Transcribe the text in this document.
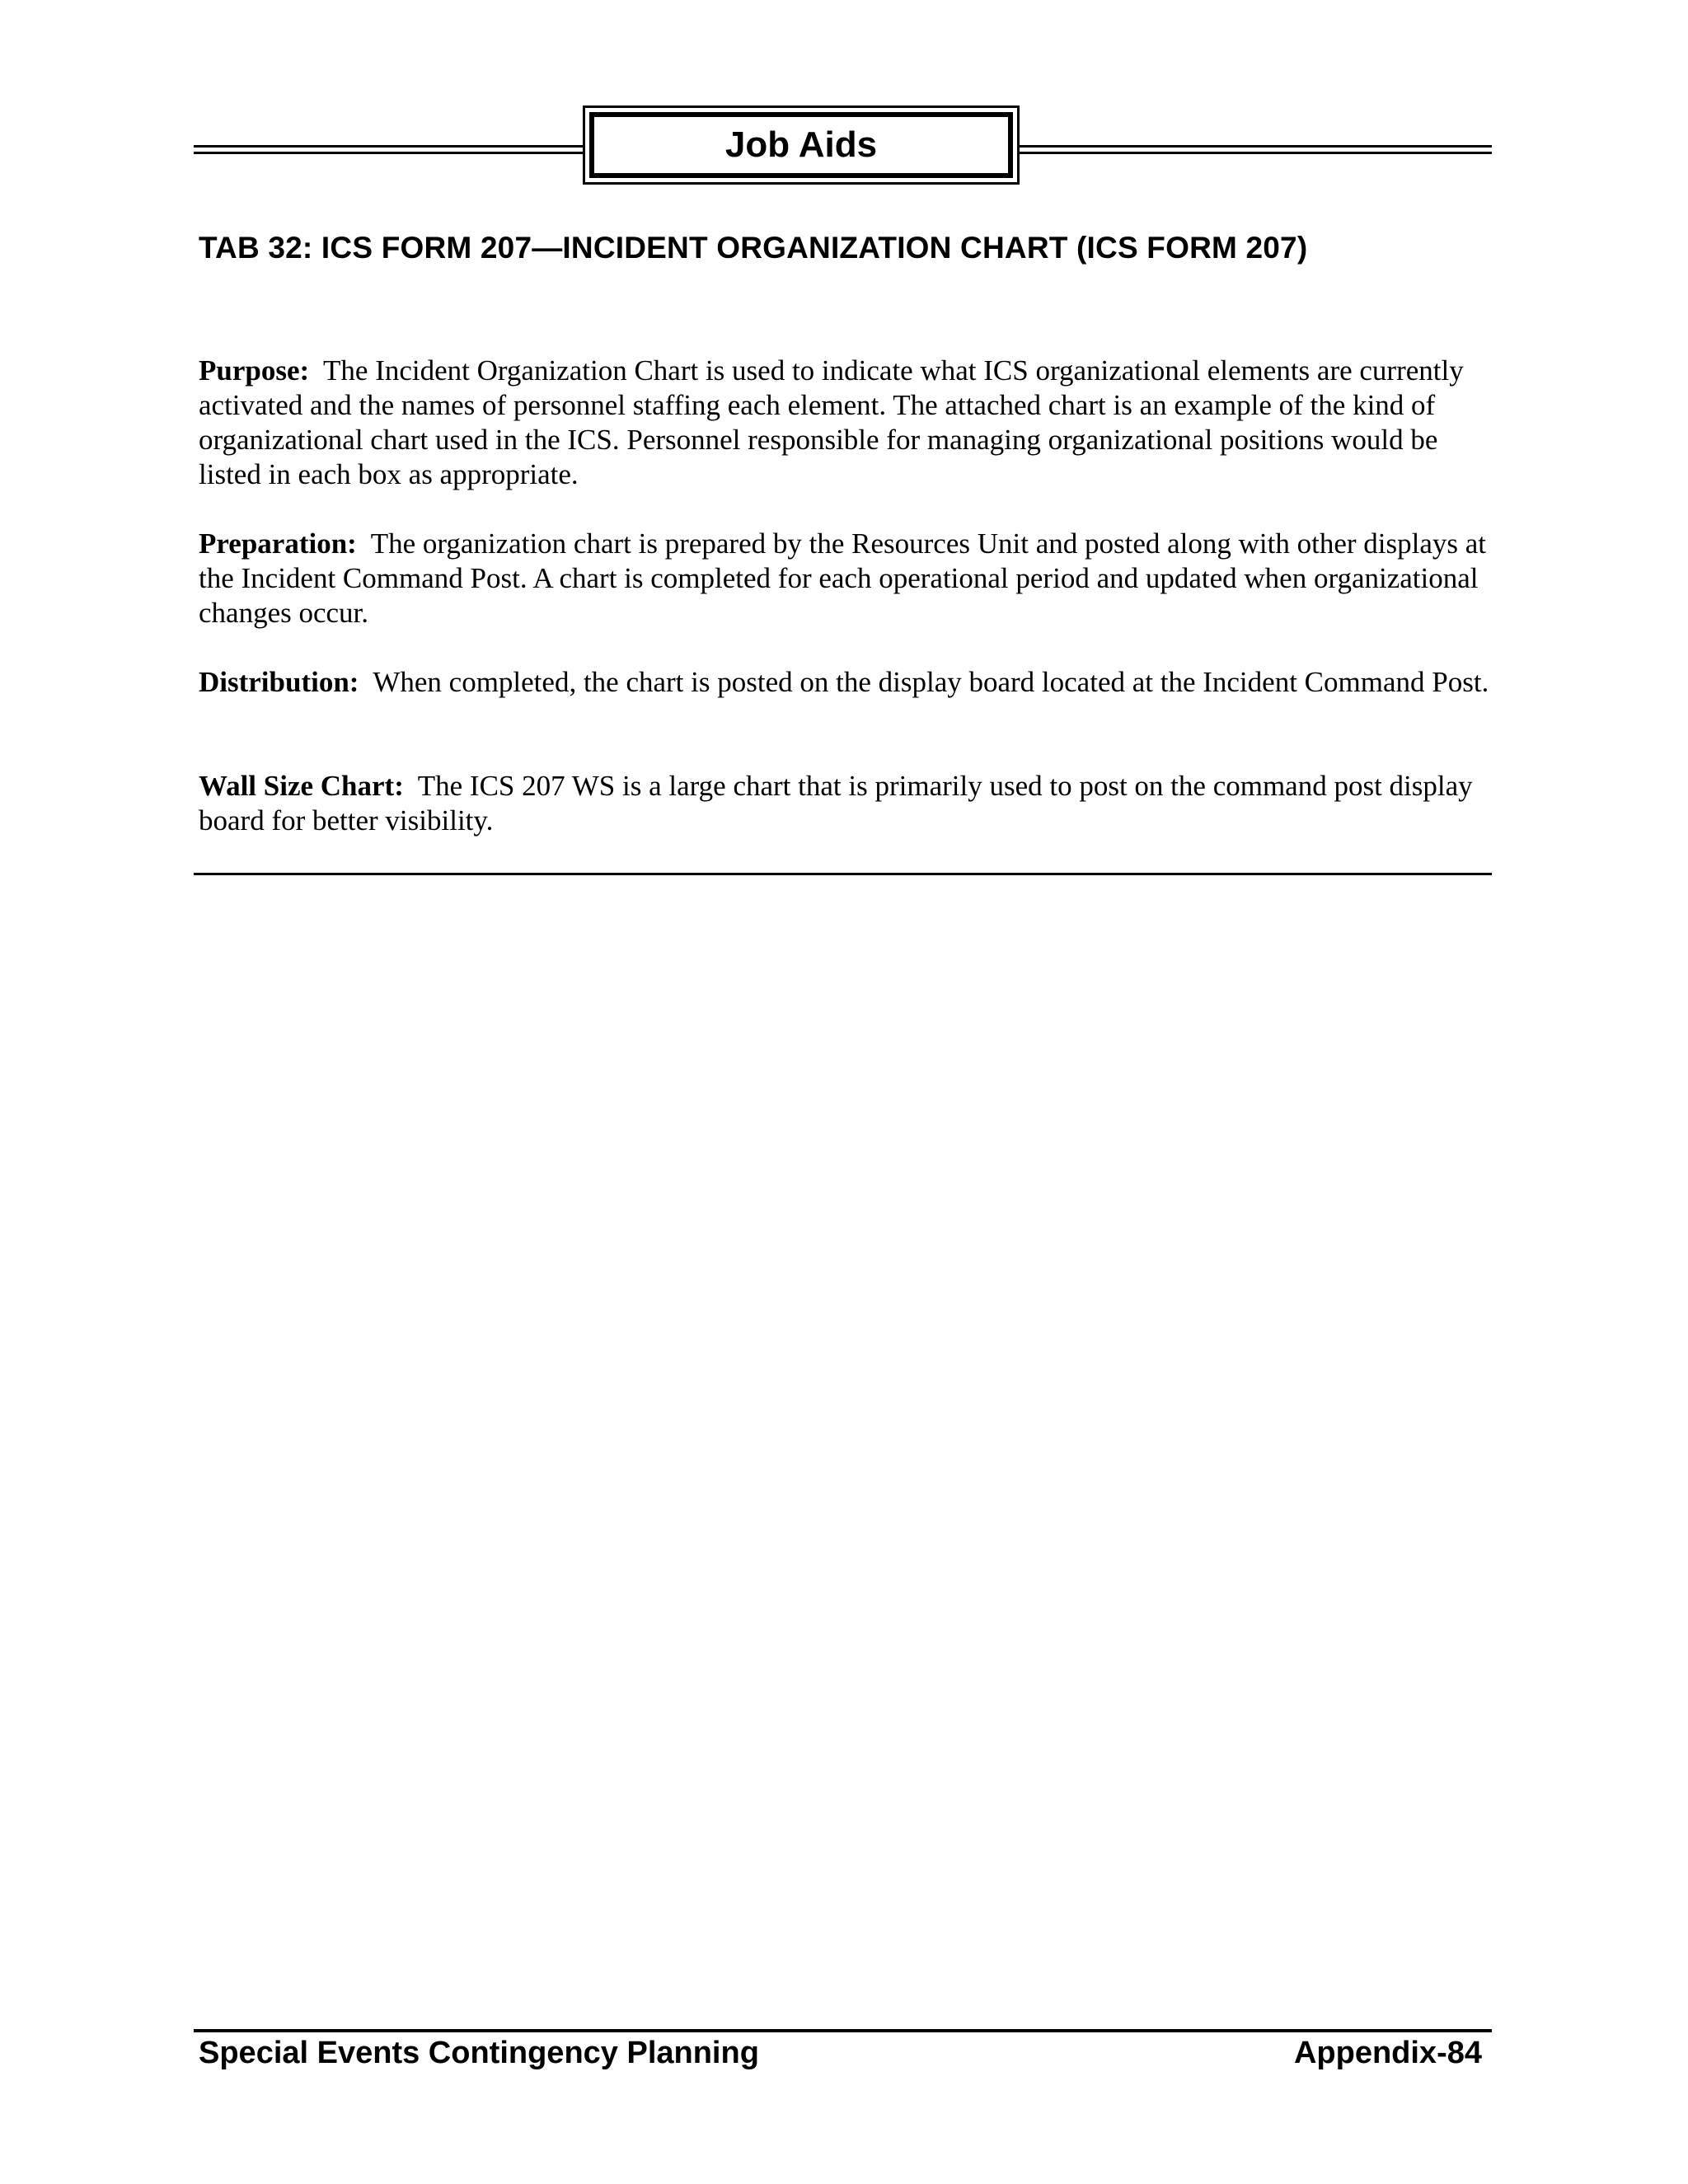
Job Aids
TAB 32: ICS FORM 207—INCIDENT ORGANIZATION CHART (ICS FORM 207)
Purpose: The Incident Organization Chart is used to indicate what ICS organizational elements are currently activated and the names of personnel staffing each element. The attached chart is an example of the kind of organizational chart used in the ICS. Personnel responsible for managing organizational positions would be listed in each box as appropriate.
Preparation: The organization chart is prepared by the Resources Unit and posted along with other displays at the Incident Command Post. A chart is completed for each operational period and updated when organizational changes occur.
Distribution: When completed, the chart is posted on the display board located at the Incident Command Post.
Wall Size Chart: The ICS 207 WS is a large chart that is primarily used to post on the command post display board for better visibility.
Special Events Contingency Planning	Appendix-84
